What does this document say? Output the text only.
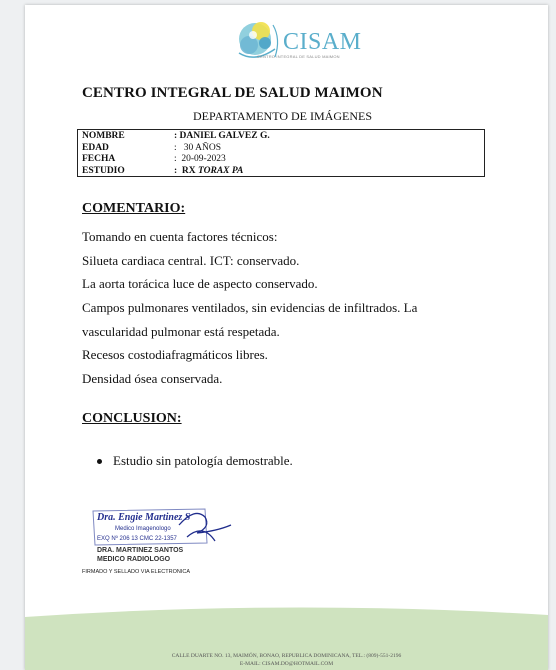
CISAM
CENTRO INTEGRAL DE SALUD MAIMON
CENTRO INTEGRAL DE SALUD MAIMON
DEPARTAMENTO DE IMÁGENES
NOMBRE	: DANIEL GALVEZ G.
EDAD	:   30 AÑOS
FECHA	:  20-09-2023
ESTUDIO	:  RX TORAX PA
COMENTARIO:
Tomando en cuenta factores técnicos:
Silueta cardiaca central. ICT: conservado.
La aorta torácica luce de aspecto conservado.
Campos pulmonares ventilados, sin evidencias de infiltrados. La
vascularidad pulmonar está respetada.
Recesos costodiafragmáticos libres.
Densidad ósea conservada.
CONCLUSION:
Estudio sin patología demostrable.
Dra. Engie Martinez S
Medico Imagenologo
EXQ Nº 206 13 CMC 22-1357
DRA. MARTINEZ SANTOS
MEDICO RADIOLOGO
FIRMADO Y SELLADO VIA ELECTRONICA
CALLE DUARTE NO. 13, MAIMÓN, BONAO, REPUBLICA DOMINICANA, TEL.: (809)-551-2196
E-MAIL: CISAM.DO@HOTMAIL.COM
